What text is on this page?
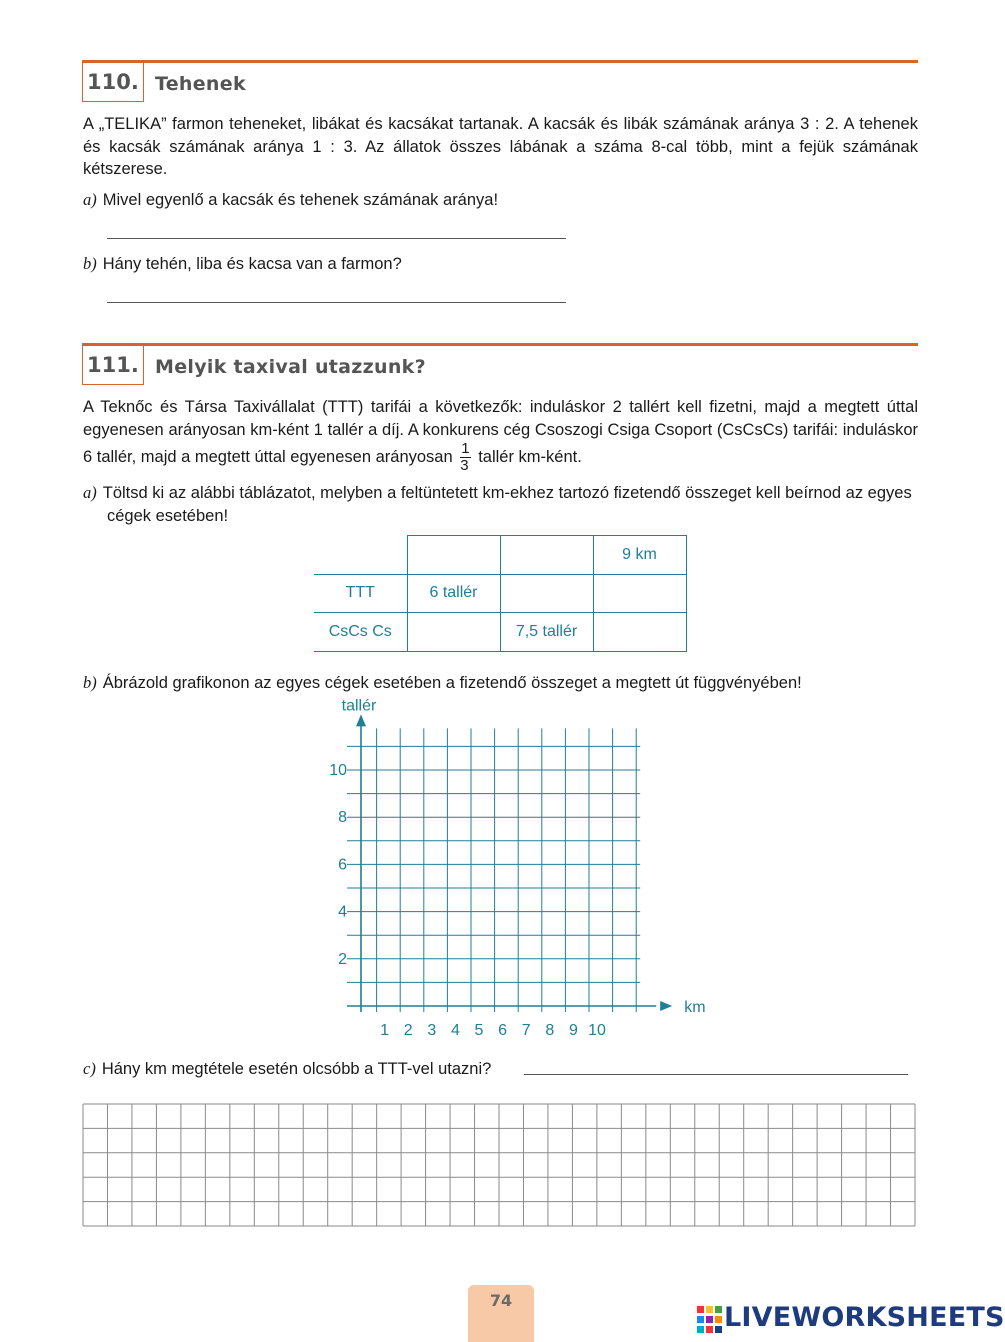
110. Tehenek
A „TELIKA” farmon teheneket, libákat és kacsákat tartanak. A kacsák és libák számának aránya 3 : 2. A tehenek és kacsák számának aránya 1 : 3. Az állatok összes lábának a száma 8-cal több, mint a fejük számának kétszerese.
a) Mivel egyenlő a kacsák és tehenek számának aránya!
b) Hány tehén, liba és kacsa van a farmon?
111. Melyik taxival utazzunk?
A Teknőc és Társa Taxivállalat (TTT) tarifái a következők: induláskor 2 tallért kell fizetni, majd a megtett úttal egyenesen arányosan km-ként 1 tallér a díj. A konkurens cég Csoszogi Csiga Csoport (CsCsCs) tarifái: induláskor 6 tallér, majd a megtett úttal egyenesen arányosan $\frac{1}{3}$ tallér km-ként.
a) Töltsd ki az alábbi táblázatot, melyben a feltüntetett km-ekhez tartozó fizetendő összeget kell beírnod az egyes cégek esetében!
			9 km
TTT	6 tallér		
CsCs Cs		7,5 tallér	
b) Ábrázold grafikonon az egyes cégek esetében a fizetendő összeget a megtett út függvényében!
1 2 3 4 5 6 7 8 9 10
2
4
6
8
10
km
tallér
c) Hány km megtétele esetén olcsóbb a TTT-vel utazni?
74
LIVEWORKSHEETS
